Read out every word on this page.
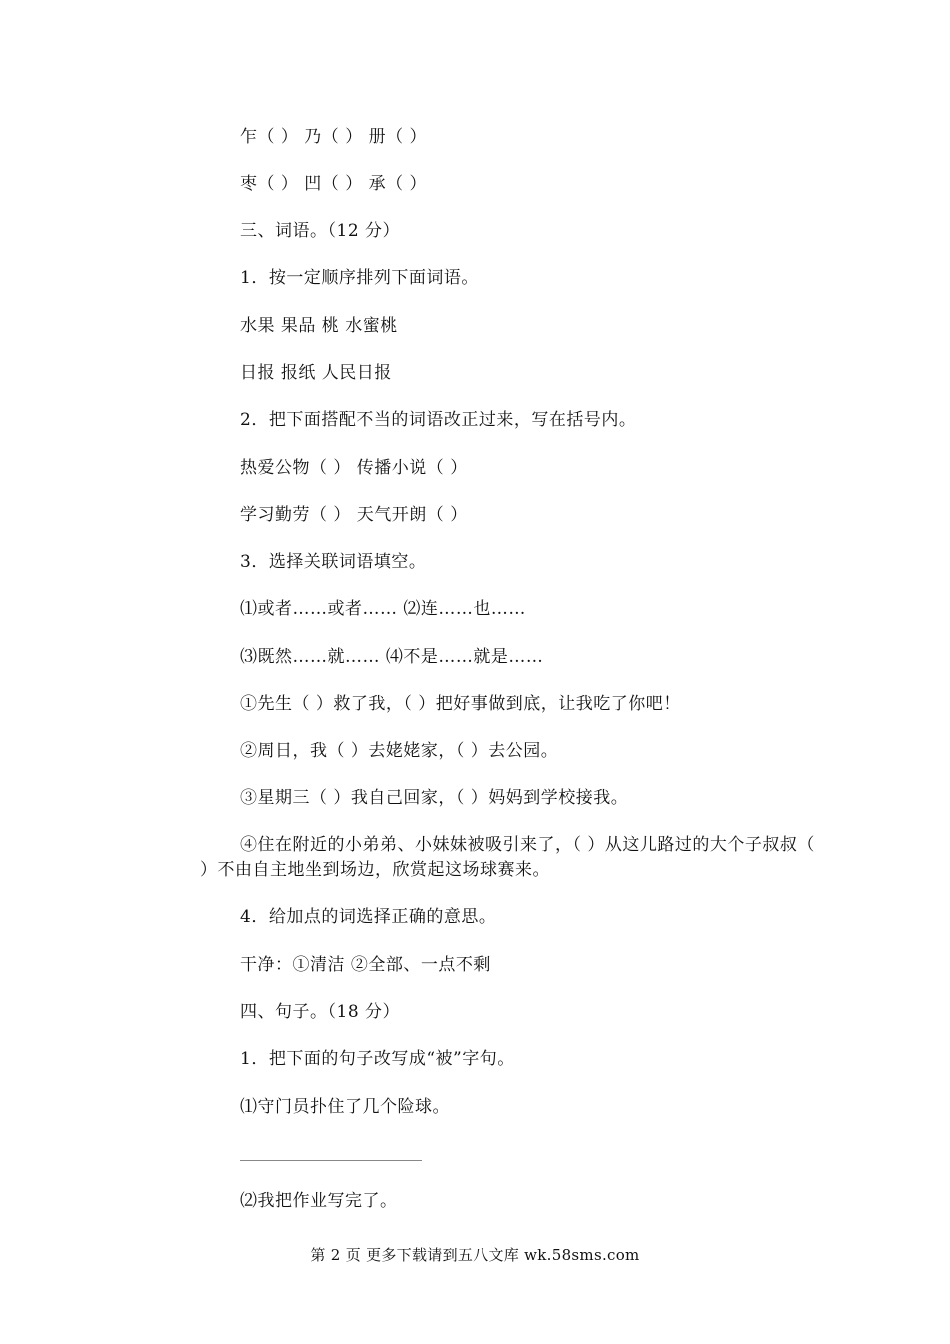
乍（ ） 乃（ ） 册（ ）
枣（ ） 凹（ ） 承（ ）
三、词语。（12 分）
1．按一定顺序排列下面词语。
水果 果品 桃 水蜜桃
日报 报纸 人民日报
2．把下面搭配不当的词语改正过来，写在括号内。
热爱公物（ ） 传播小说（ ）
学习勤劳（ ） 天气开朗（ ）
3．选择关联词语填空。
⑴或者……或者…… ⑵连……也……
⑶既然……就…… ⑷不是……就是……
①先生（ ）救了我，（ ）把好事做到底，让我吃了你吧！
②周日，我（ ）去姥姥家，（ ）去公园。
③星期三（ ）我自己回家，（ ）妈妈到学校接我。
④住在附近的小弟弟、小妹妹被吸引来了，（ ）从这儿路过的大个子叔叔（ ）不由自主地坐到场边，欣赏起这场球赛来。
4．给加点的词选择正确的意思。
干净：①清洁 ②全部、一点不剩
四、句子。（18 分）
1．把下面的句子改写成“被”字句。
⑴守门员扑住了几个险球。
⑵我把作业写完了。
第 2 页 更多下载请到五八文库 wk.58sms.com
